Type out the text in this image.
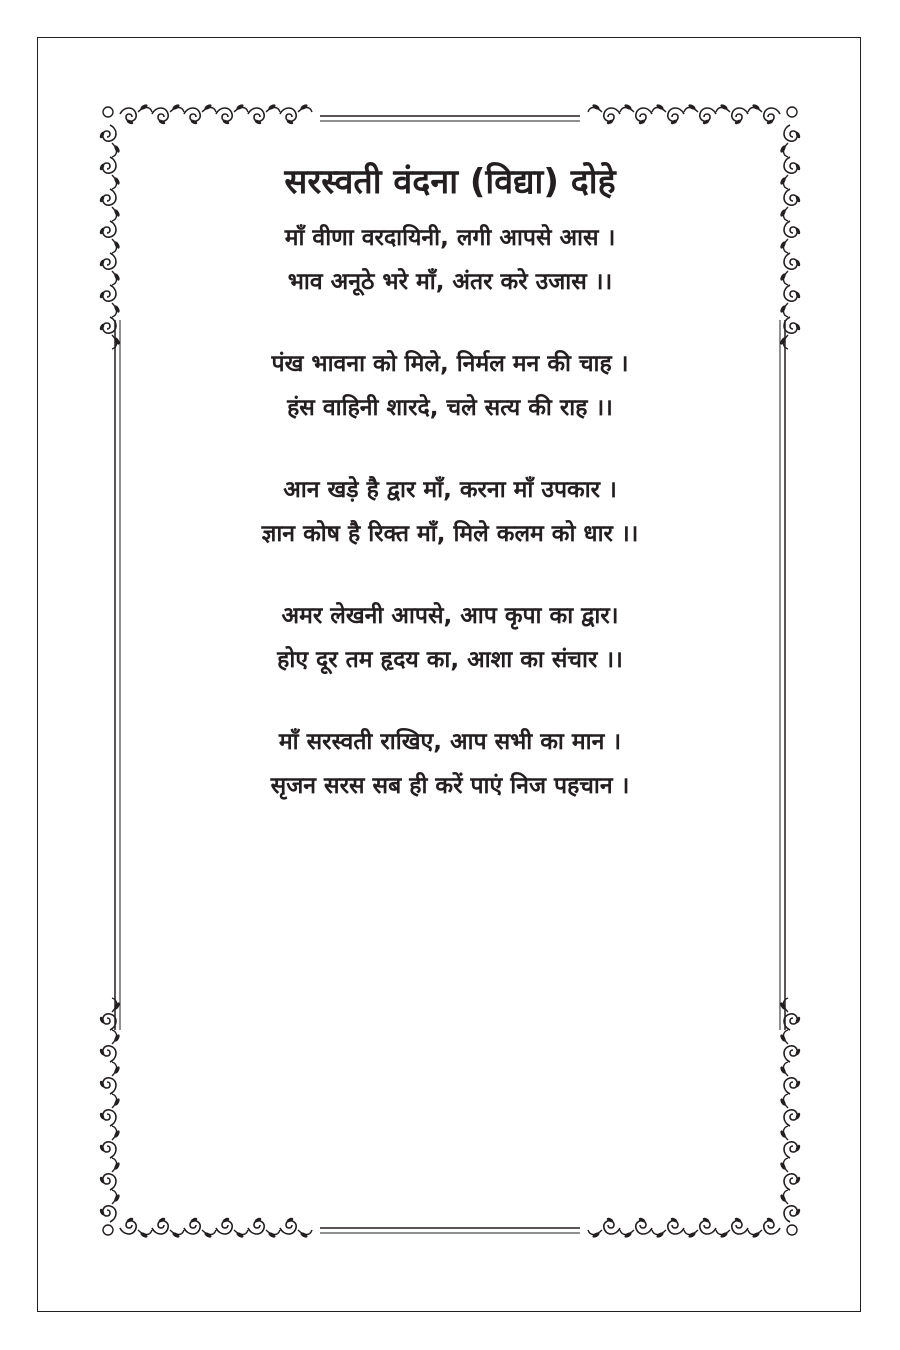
सरस्वती वंदना (विद्या) दोहे
माँ वीणा वरदायिनी, लगी आपसे आस ।
भाव अनूठे भरे माँ, अंतर करे उजास ।।
पंख भावना को मिले, निर्मल मन की चाह ।
हंस वाहिनी शारदे, चले सत्य की राह ।।
आन खड़े है द्वार माँ, करना माँ उपकार ।
ज्ञान कोष है रिक्त माँ, मिले कलम को धार ।।
अमर लेखनी आपसे, आप कृपा का द्वार।
होए दूर तम हृदय का, आशा का संचार ।।
माँ सरस्वती राखिए, आप सभी का मान ।
सृजन सरस सब ही करें पाएं निज पहचान ।
